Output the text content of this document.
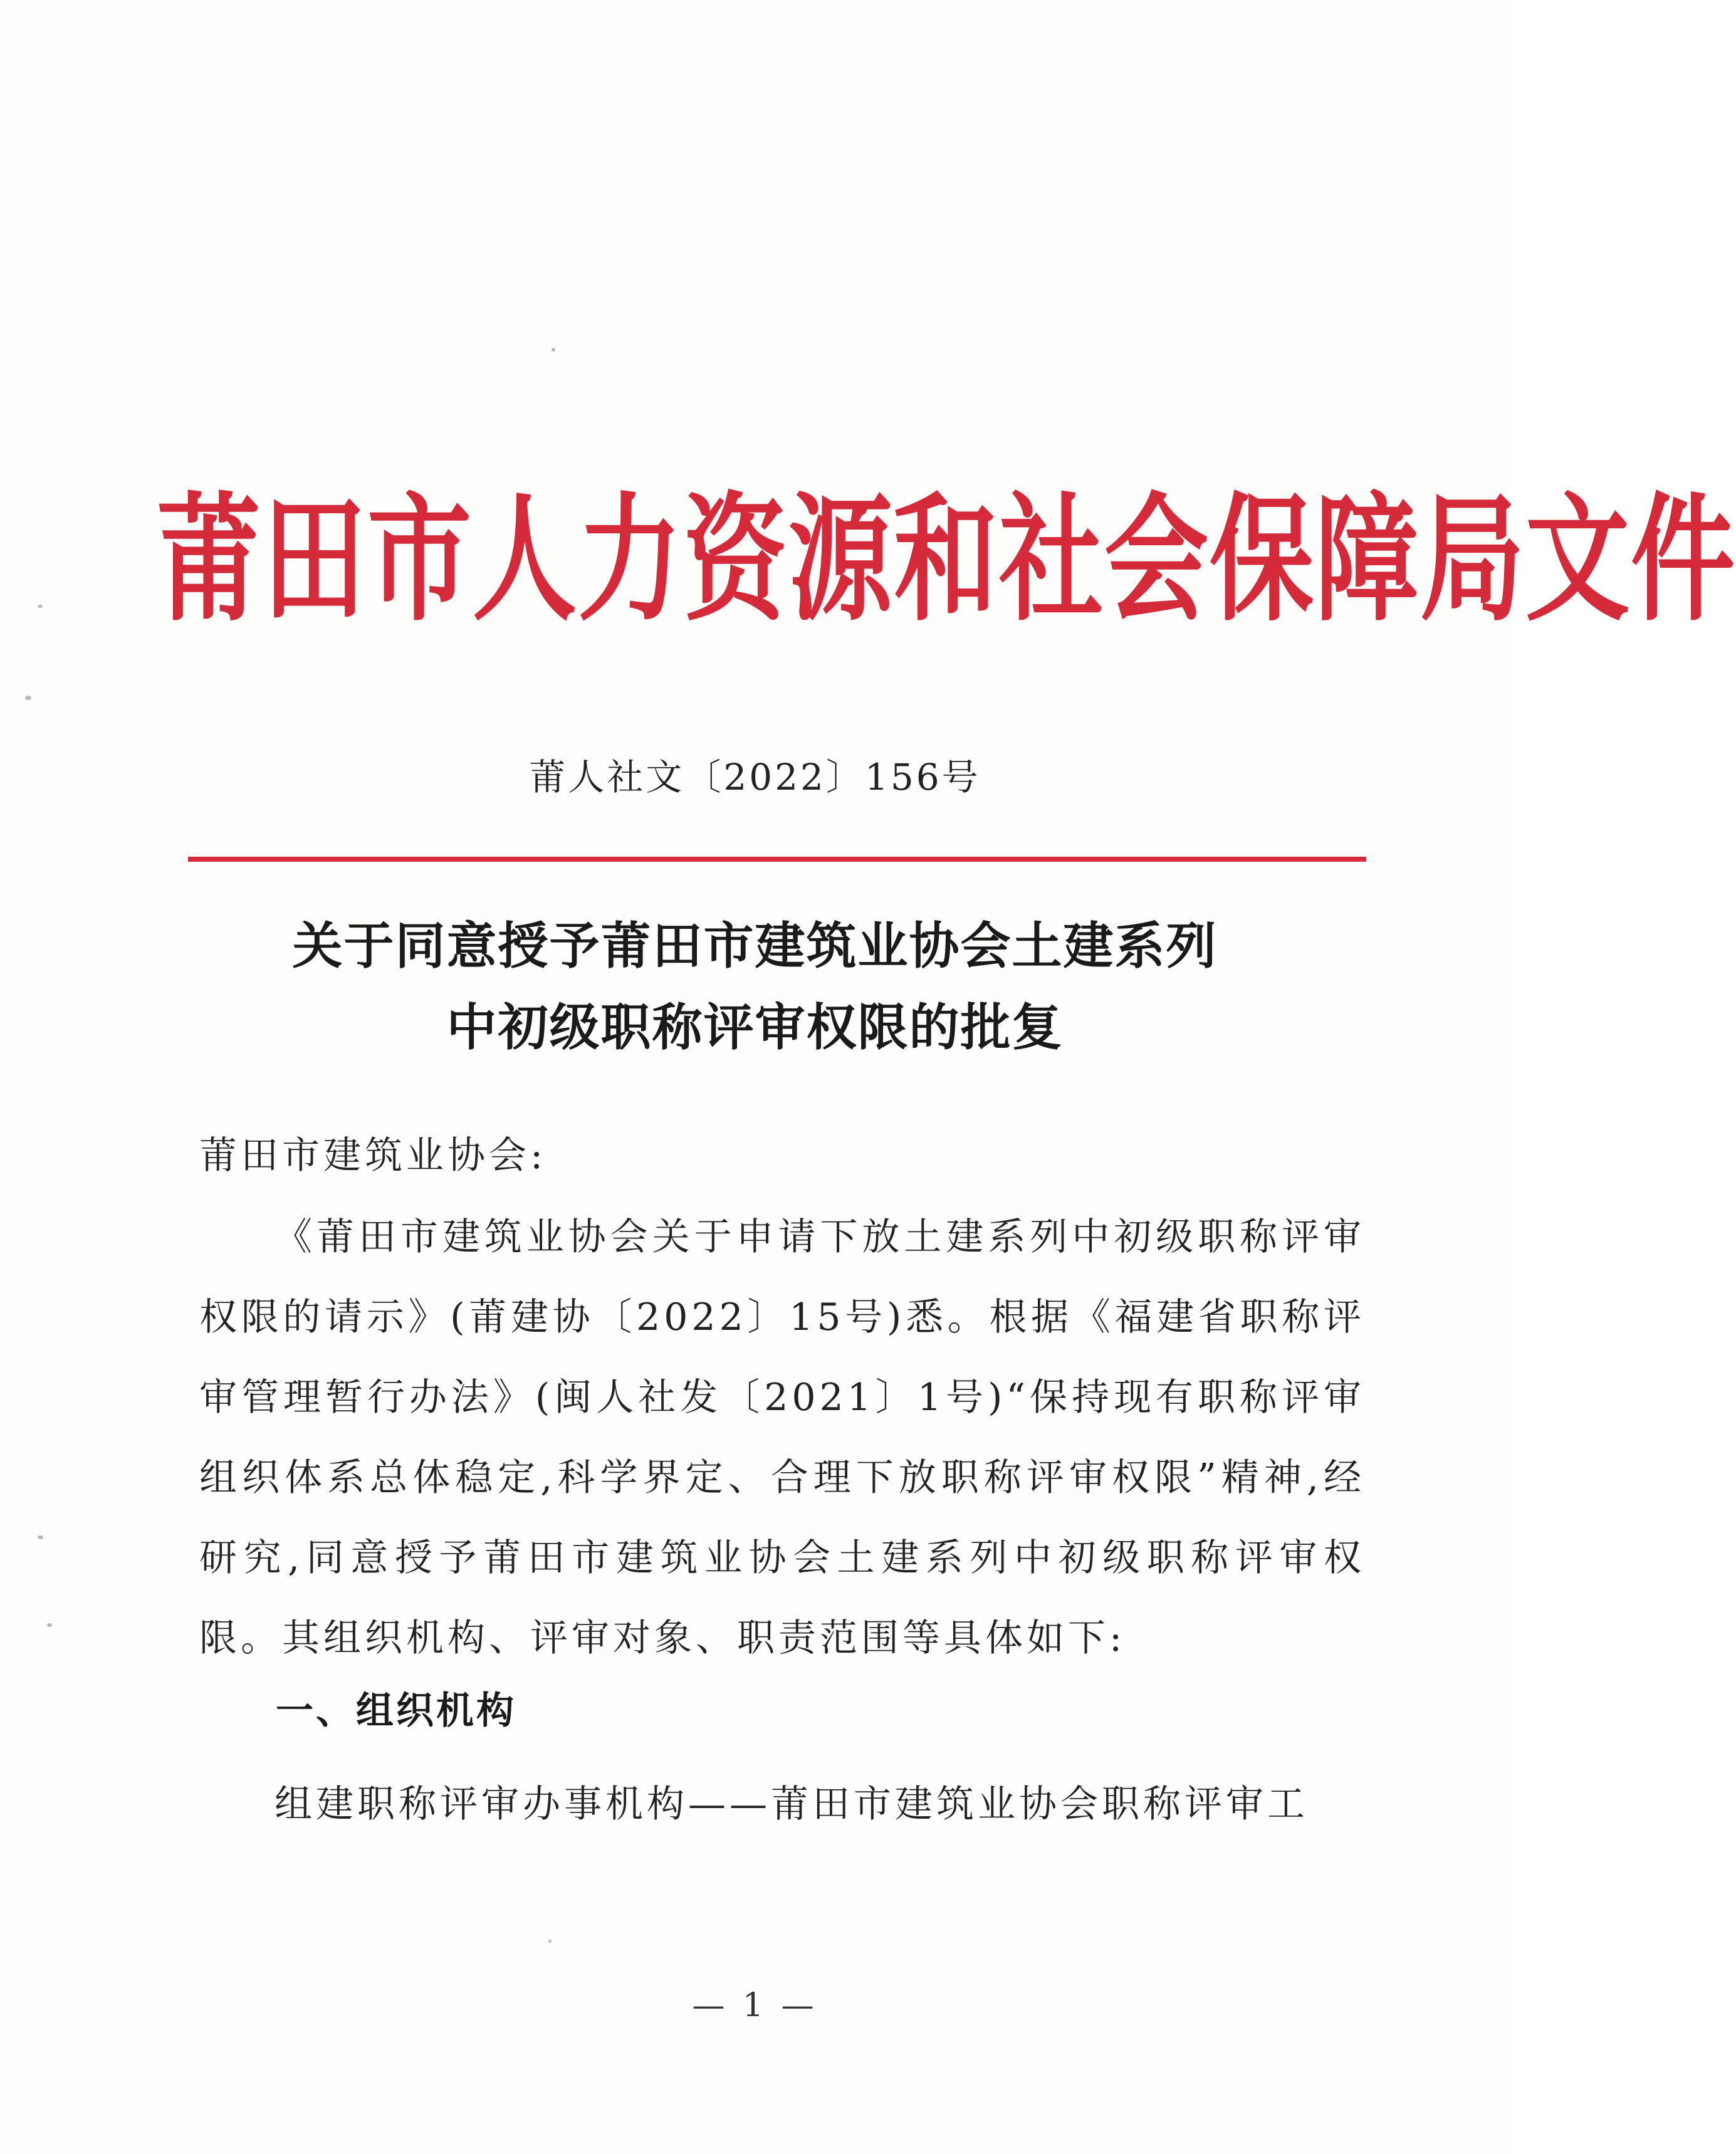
莆田市人力资源和社会保障局文件
莆人社文〔2022〕156号
关于同意授予莆田市建筑业协会土建系列
中初级职称评审权限的批复
莆田市建筑业协会:
《莆田市建筑业协会关于申请下放土建系列中初级职称评审权限的请示》(莆建协〔2022〕15号)悉。根据《福建省职称评审管理暂行办法》(闽人社发〔2021〕1号)“保持现有职称评审组织体系总体稳定,科学界定、合理下放职称评审权限”精神,经研究,同意授予莆田市建筑业协会土建系列中初级职称评审权限。其组织机构、评审对象、职责范围等具体如下:
一、组织机构
组建职称评审办事机构——莆田市建筑业协会职称评审工
— 1 —
